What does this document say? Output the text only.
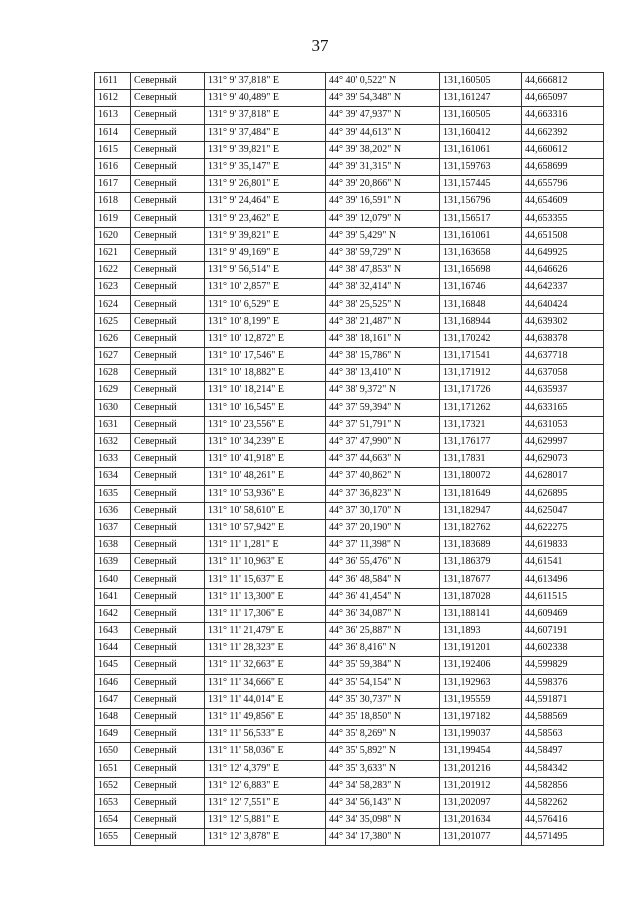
37
1611	Северный	131° 9' 37,818" E	44° 40' 0,522" N	131,160505	44,666812
1612	Северный	131° 9' 40,489" E	44° 39' 54,348" N	131,161247	44,665097
1613	Северный	131° 9' 37,818" E	44° 39' 47,937" N	131,160505	44,663316
1614	Северный	131° 9' 37,484" E	44° 39' 44,613" N	131,160412	44,662392
1615	Северный	131° 9' 39,821" E	44° 39' 38,202" N	131,161061	44,660612
1616	Северный	131° 9' 35,147" E	44° 39' 31,315" N	131,159763	44,658699
1617	Северный	131° 9' 26,801" E	44° 39' 20,866" N	131,157445	44,655796
1618	Северный	131° 9' 24,464" E	44° 39' 16,591" N	131,156796	44,654609
1619	Северный	131° 9' 23,462" E	44° 39' 12,079" N	131,156517	44,653355
1620	Северный	131° 9' 39,821" E	44° 39' 5,429" N	131,161061	44,651508
1621	Северный	131° 9' 49,169" E	44° 38' 59,729" N	131,163658	44,649925
1622	Северный	131° 9' 56,514" E	44° 38' 47,853" N	131,165698	44,646626
1623	Северный	131° 10' 2,857" E	44° 38' 32,414" N	131,16746	44,642337
1624	Северный	131° 10' 6,529" E	44° 38' 25,525" N	131,16848	44,640424
1625	Северный	131° 10' 8,199" E	44° 38' 21,487" N	131,168944	44,639302
1626	Северный	131° 10' 12,872" E	44° 38' 18,161" N	131,170242	44,638378
1627	Северный	131° 10' 17,546" E	44° 38' 15,786" N	131,171541	44,637718
1628	Северный	131° 10' 18,882" E	44° 38' 13,410" N	131,171912	44,637058
1629	Северный	131° 10' 18,214" E	44° 38' 9,372" N	131,171726	44,635937
1630	Северный	131° 10' 16,545" E	44° 37' 59,394" N	131,171262	44,633165
1631	Северный	131° 10' 23,556" E	44° 37' 51,791" N	131,17321	44,631053
1632	Северный	131° 10' 34,239" E	44° 37' 47,990" N	131,176177	44,629997
1633	Северный	131° 10' 41,918" E	44° 37' 44,663" N	131,17831	44,629073
1634	Северный	131° 10' 48,261" E	44° 37' 40,862" N	131,180072	44,628017
1635	Северный	131° 10' 53,936" E	44° 37' 36,823" N	131,181649	44,626895
1636	Северный	131° 10' 58,610" E	44° 37' 30,170" N	131,182947	44,625047
1637	Северный	131° 10' 57,942" E	44° 37' 20,190" N	131,182762	44,622275
1638	Северный	131° 11' 1,281" E	44° 37' 11,398" N	131,183689	44,619833
1639	Северный	131° 11' 10,963" E	44° 36' 55,476" N	131,186379	44,61541
1640	Северный	131° 11' 15,637" E	44° 36' 48,584" N	131,187677	44,613496
1641	Северный	131° 11' 13,300" E	44° 36' 41,454" N	131,187028	44,611515
1642	Северный	131° 11' 17,306" E	44° 36' 34,087" N	131,188141	44,609469
1643	Северный	131° 11' 21,479" E	44° 36' 25,887" N	131,1893	44,607191
1644	Северный	131° 11' 28,323" E	44° 36' 8,416" N	131,191201	44,602338
1645	Северный	131° 11' 32,663" E	44° 35' 59,384" N	131,192406	44,599829
1646	Северный	131° 11' 34,666" E	44° 35' 54,154" N	131,192963	44,598376
1647	Северный	131° 11' 44,014" E	44° 35' 30,737" N	131,195559	44,591871
1648	Северный	131° 11' 49,856" E	44° 35' 18,850" N	131,197182	44,588569
1649	Северный	131° 11' 56,533" E	44° 35' 8,269" N	131,199037	44,58563
1650	Северный	131° 11' 58,036" E	44° 35' 5,892" N	131,199454	44,58497
1651	Северный	131° 12' 4,379" E	44° 35' 3,633" N	131,201216	44,584342
1652	Северный	131° 12' 6,883" E	44° 34' 58,283" N	131,201912	44,582856
1653	Северный	131° 12' 7,551" E	44° 34' 56,143" N	131,202097	44,582262
1654	Северный	131° 12' 5,881" E	44° 34' 35,098" N	131,201634	44,576416
1655	Северный	131° 12' 3,878" E	44° 34' 17,380" N	131,201077	44,571495
